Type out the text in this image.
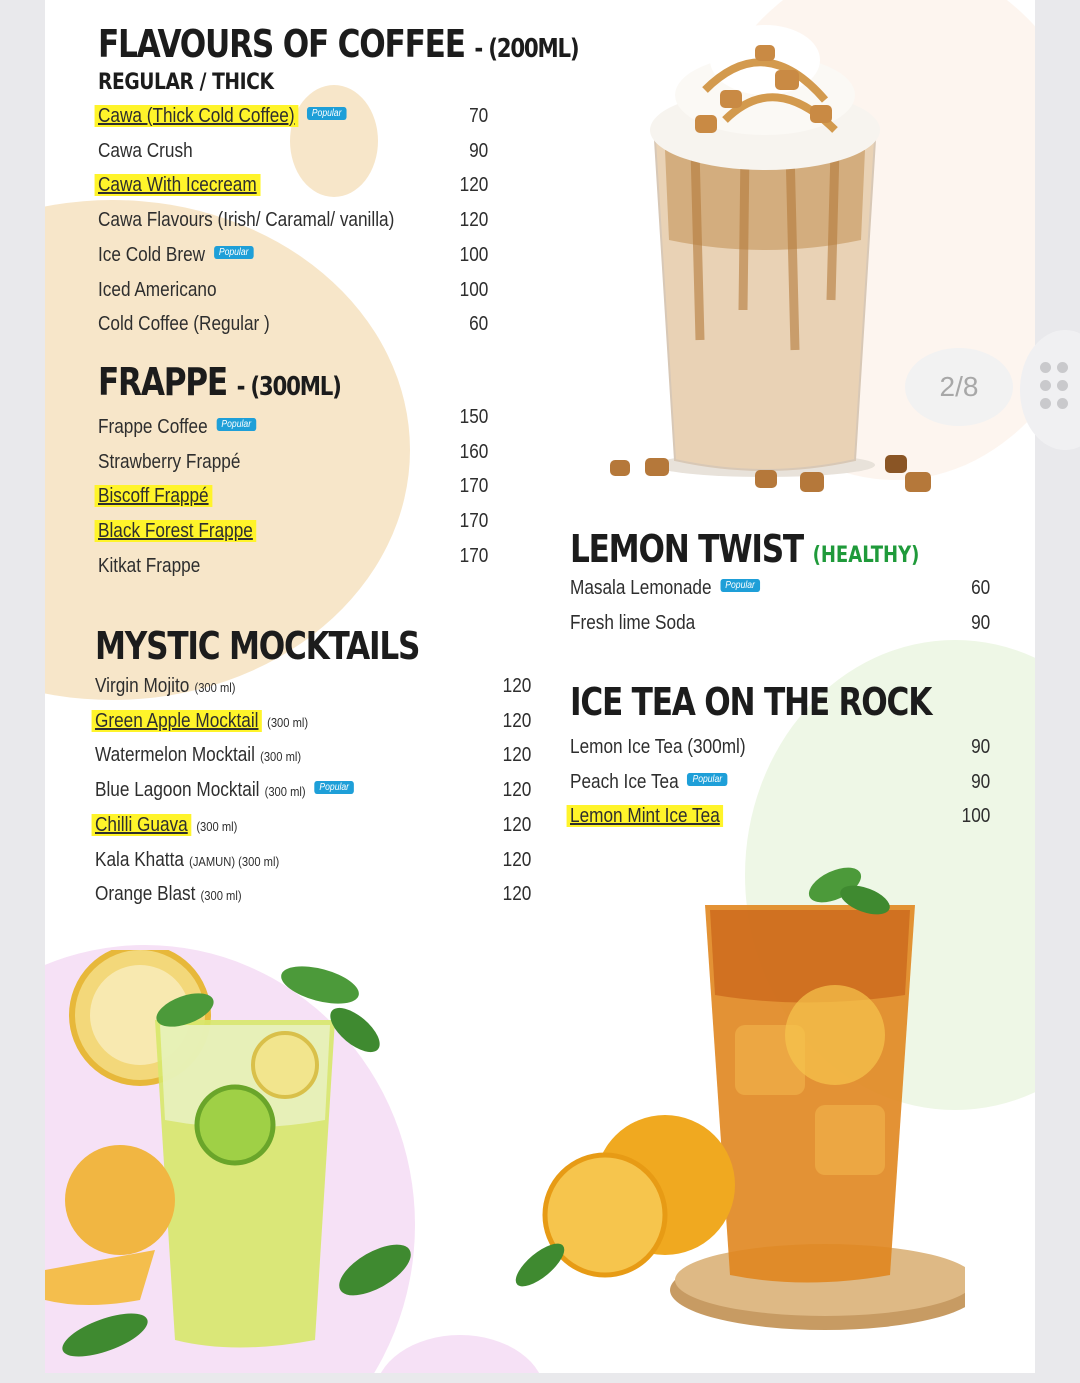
FLAVOURS OF COFFEE - (200ML)
REGULAR / THICK
Cawa (Thick Cold Coffee) Popular	70
Cawa Crush	90
Cawa With Icecream	120
Cawa Flavours (Irish/ Caramal/ vanilla)	120
Ice Cold Brew Popular	100
Iced Americano	100
Cold Coffee (Regular )	60
FRAPPE - (300ML)
Frappe Coffee Popular	150
Strawberry Frappé	160
Biscoff Frappé	170
Black Forest Frappe	170
Kitkat Frappe	170
MYSTIC MOCKTAILS
Virgin Mojito (300 ml)	120
Green Apple Mocktail (300 ml)	120
Watermelon Mocktail (300 ml)	120
Blue Lagoon Mocktail (300 ml) Popular	120
Chilli Guava (300 ml)	120
Kala Khatta (JAMUN) (300 ml)	120
Orange Blast (300 ml)	120
LEMON TWIST (HEALTHY)
Masala Lemonade Popular	60
Fresh lime Soda	90
ICE TEA ON THE ROCK
Lemon Ice Tea (300ml)	90
Peach Ice Tea Popular	90
Lemon Mint Ice Tea	100
2/8
